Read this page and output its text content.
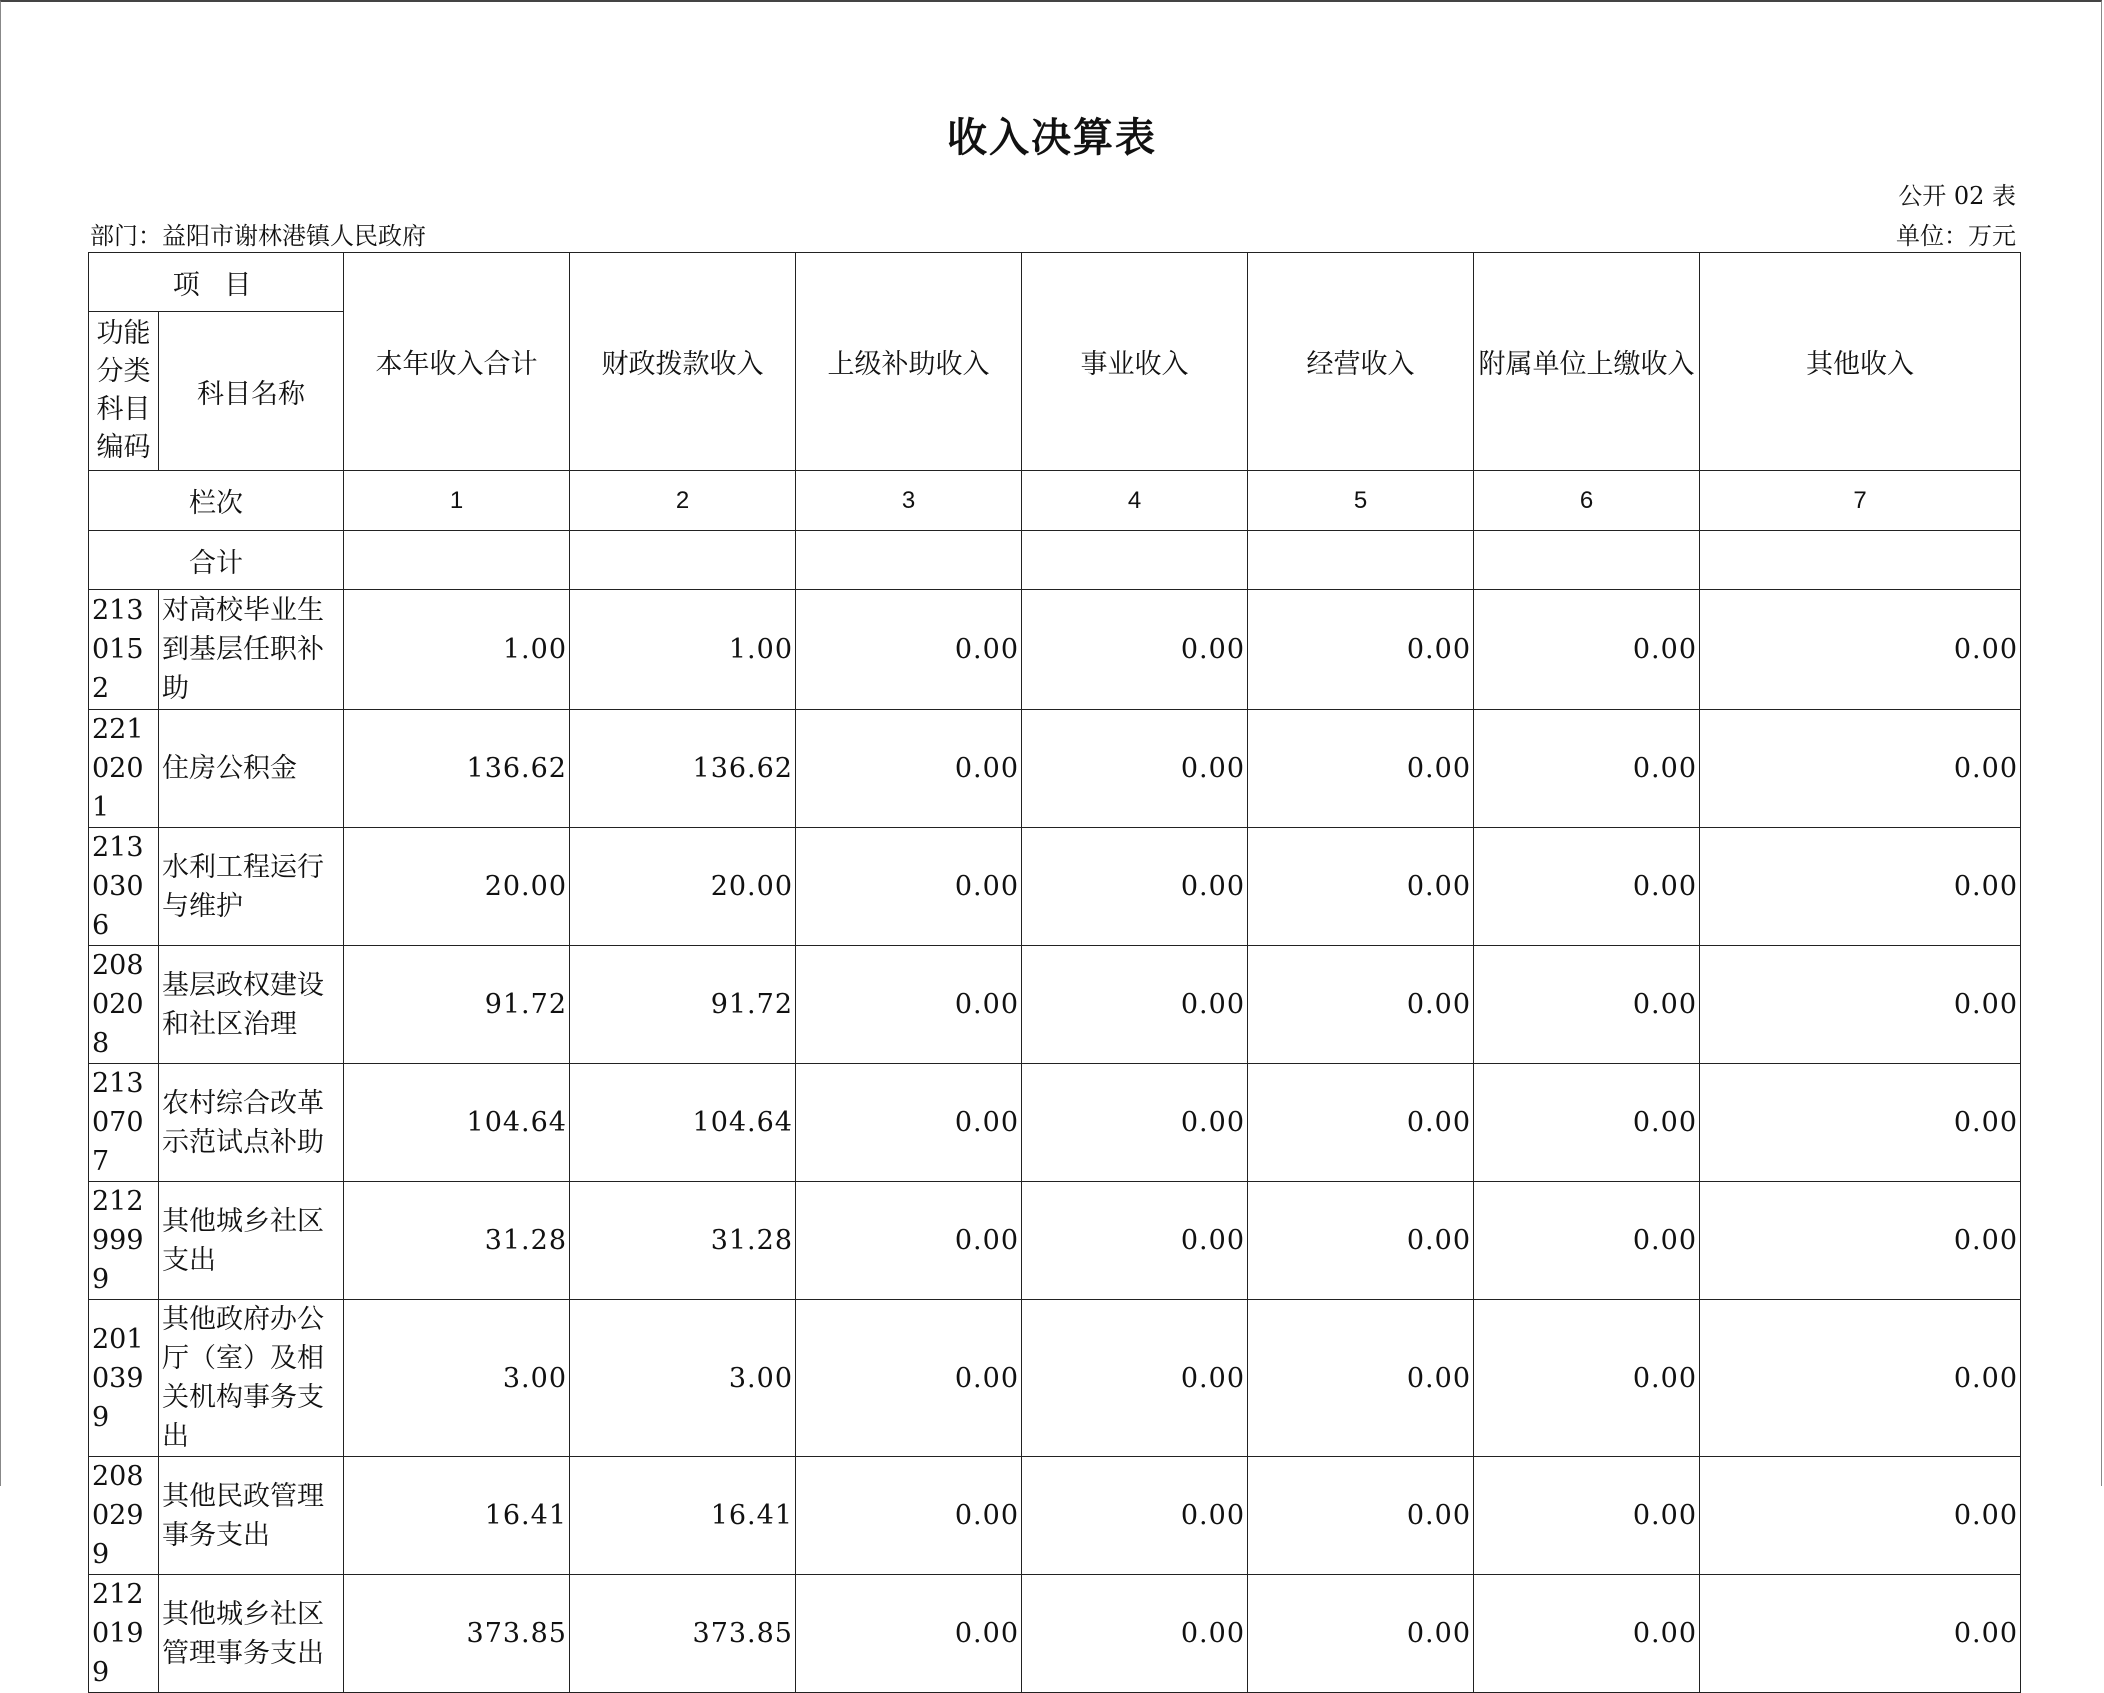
收入决算表
公开 02 表
部门：益阳市谢林港镇人民政府	单位：万元
项 目		本年收入合计	财政拨款收入	上级补助收入	事业收入	经营收入	附属单位上缴收入	其他收入
功能分类科目编码	科目名称							
栏次		1	2	3	4	5	6	7
合计								
2130152	对高校毕业生到基层任职补助	1.00	1.00	0.00	0.00	0.00	0.00	0.00
2210201	住房公积金	136.62	136.62	0.00	0.00	0.00	0.00	0.00
2130306	水利工程运行与维护	20.00	20.00	0.00	0.00	0.00	0.00	0.00
2080208	基层政权建设和社区治理	91.72	91.72	0.00	0.00	0.00	0.00	0.00
2130707	农村综合改革示范试点补助	104.64	104.64	0.00	0.00	0.00	0.00	0.00
2129999	其他城乡社区支出	31.28	31.28	0.00	0.00	0.00	0.00	0.00
2010399	其他政府办公厅（室）及相关机构事务支出	3.00	3.00	0.00	0.00	0.00	0.00	0.00
2080299	其他民政管理事务支出	16.41	16.41	0.00	0.00	0.00	0.00	0.00
2120199	其他城乡社区管理事务支出	373.85	373.85	0.00	0.00	0.00	0.00	0.00
